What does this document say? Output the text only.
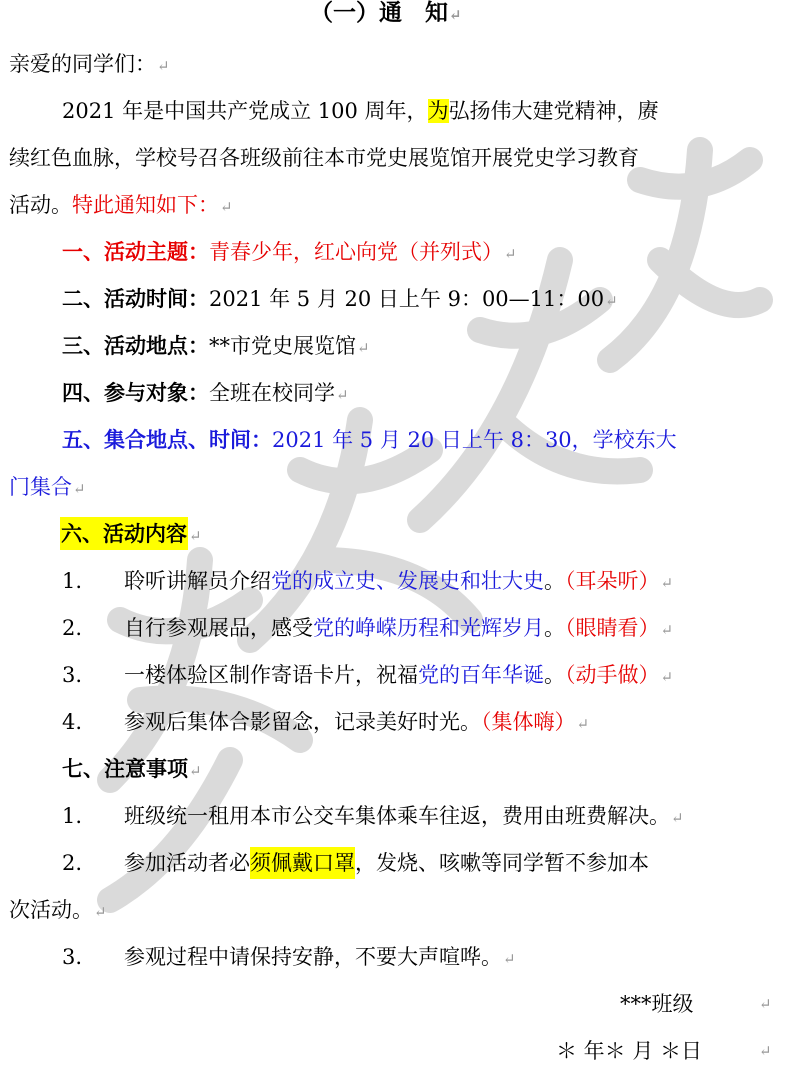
（一）通　知↵
亲爱的同学们：↵
2021 年是中国共产党成立 100 周年，为弘扬伟大建党精神，赓
续红色血脉，学校号召各班级前往本市党史展览馆开展党史学习教育
活动。特此通知如下：↵
一、活动主题：青春少年，红心向党（并列式）↵
二、活动时间：2021 年 5 月 20 日上午 9：00—11：00↵
三、活动地点：**市党史展览馆↵
四、参与对象：全班在校同学↵
五、集合地点、时间：2021 年 5 月 20 日上午 8：30，学校东大
门集合↵
六、活动内容 ↵
1. 聆听讲解员介绍党的成立史、发展史和壮大史。（耳朵听）↵
2. 自行参观展品，感受党的峥嵘历程和光辉岁月。（眼睛看）↵
3. 一楼体验区制作寄语卡片，祝福党的百年华诞。（动手做）↵
4. 参观后集体合影留念，记录美好时光。（集体嗨）↵
七、注意事项↵
1. 班级统一租用本市公交车集体乘车往返，费用由班费解决。↵
2. 参加活动者必须佩戴口罩，发烧、咳嗽等同学暂不参加本
次活动。↵
3. 参观过程中请保持安静，不要大声喧哗。↵
***班级	↵
＊ 年＊ 月 ＊日	↵
